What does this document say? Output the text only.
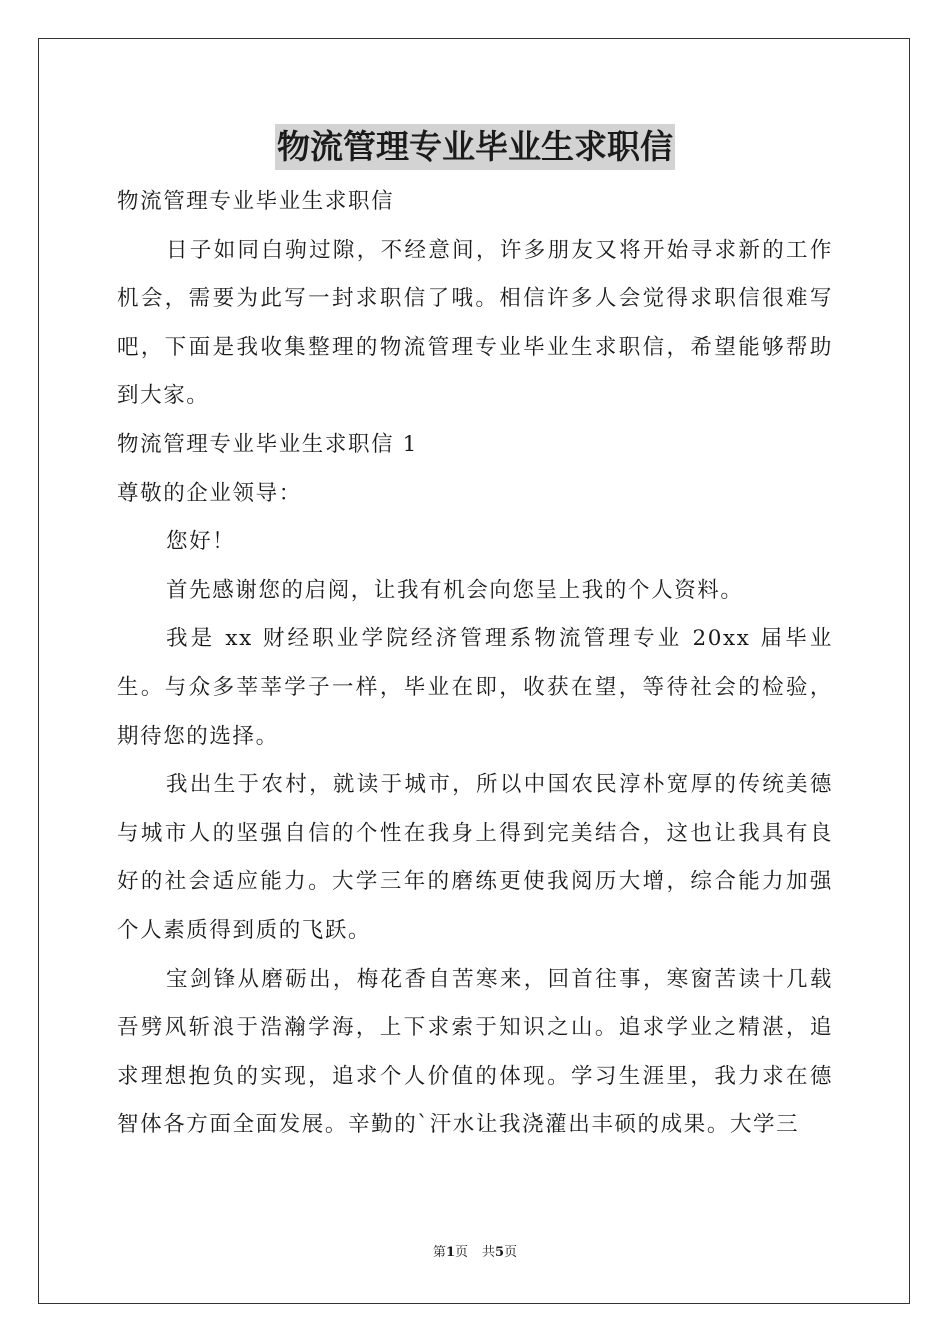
物流管理专业毕业生求职信

物流管理专业毕业生求职信

日子如同白驹过隙，不经意间，许多朋友又将开始寻求新的工作机会，需要为此写一封求职信了哦。相信许多人会觉得求职信很难写吧，下面是我收集整理的物流管理专业毕业生求职信，希望能够帮助到大家。

物流管理专业毕业生求职信 1

尊敬的企业领导：

您好！

首先感谢您的启阅，让我有机会向您呈上我的个人资料。

我是 xx 财经职业学院经济管理系物流管理专业 20xx 届毕业生。与众多莘莘学子一样，毕业在即，收获在望，等待社会的检验，期待您的选择。

我出生于农村，就读于城市，所以中国农民淳朴宽厚的传统美德与城市人的坚强自信的个性在我身上得到完美结合，这也让我具有良好的社会适应能力。大学三年的磨练更使我阅历大增，综合能力加强个人素质得到质的飞跃。

宝剑锋从磨砺出，梅花香自苦寒来，回首往事，寒窗苦读十几载吾劈风斩浪于浩瀚学海，上下求索于知识之山。追求学业之精湛，追求理想抱负的实现，追求个人价值的体现。学习生涯里，我力求在德智体各方面全面发展。辛勤的`汗水让我浇灌出丰硕的成果。大学三

第1页 共5页
